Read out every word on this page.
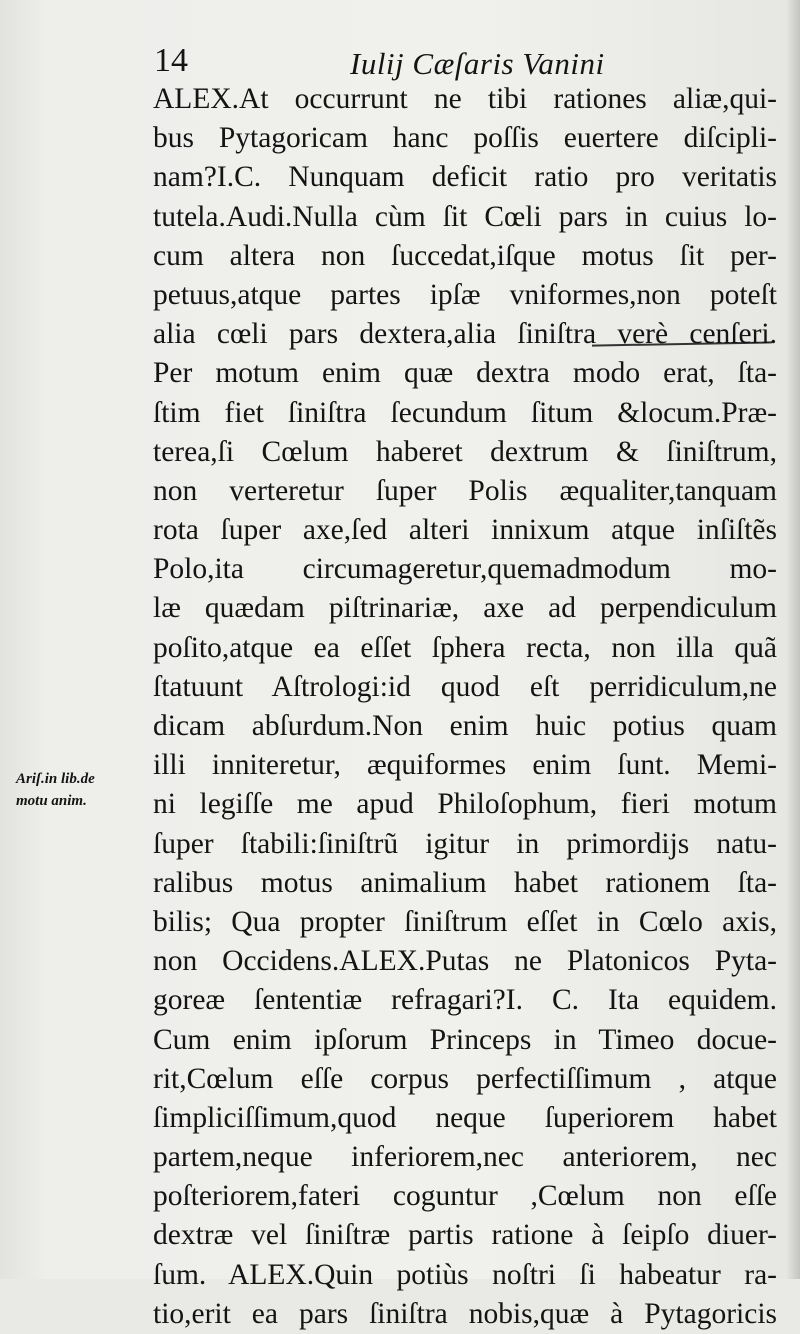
14	Iulij Cæſaris Vanini
Ariſ.in lib.de
motu anim.
ALEX.At occurrunt ne tibi rationes aliæ,qui-
bus Pytagoricam hanc poſſis euertere diſcipli-
nam?I.C. Nunquam deficit ratio pro veritatis
tutela.Audi.Nulla cùm ſit Cœli pars in cuius lo-
cum altera non ſuccedat,iſque motus ſit per-
petuus,atque partes ipſæ vniformes,non poteſt
alia cœli pars dextera,alia ſiniſtra verè cenſeri.
Per motum enim quæ dextra modo erat, ſta-
ſtim fiet ſiniſtra ſecundum ſitum &locum.Præ-
terea,ſi Cœlum haberet dextrum & ſiniſtrum,
non verteretur ſuper Polis æqualiter,tanquam
rota ſuper axe,ſed alteri innixum atque inſiſtẽs
Polo,ita circumageretur,quemadmodum mo-
læ quædam piſtrinariæ, axe ad perpendiculum
poſito,atque ea eſſet ſphera recta, non illa quã
ſtatuunt Aſtrologi:id quod eſt perridiculum,ne
dicam abſurdum.Non enim huic potius quam
illi inniteretur, æquiformes enim ſunt. Memi-
ni legiſſe me apud Philoſophum, fieri motum
ſuper ſtabili:ſiniſtrũ igitur in primordijs natu-
ralibus motus animalium habet rationem ſta-
bilis; Qua propter ſiniſtrum eſſet in Cœlo axis,
non Occidens.ALEX.Putas ne Platonicos Pyta-
goreæ ſententiæ refragari?I. C. Ita equidem.
Cum enim ipſorum Princeps in Timeo docue-
rit,Cœlum eſſe corpus perfectiſſimum , atque
ſimpliciſſimum,quod neque ſuperiorem habet
partem,neque inferiorem,nec anteriorem, nec
poſteriorem,fateri coguntur ,Cœlum non eſſe
dextræ vel ſiniſtræ partis ratione à ſeipſo diuer-
ſum. ALEX.Quin potiùs noſtri ſi habeatur ra-
tio,erit ea pars ſiniſtra nobis,quæ à Pytagoricis
